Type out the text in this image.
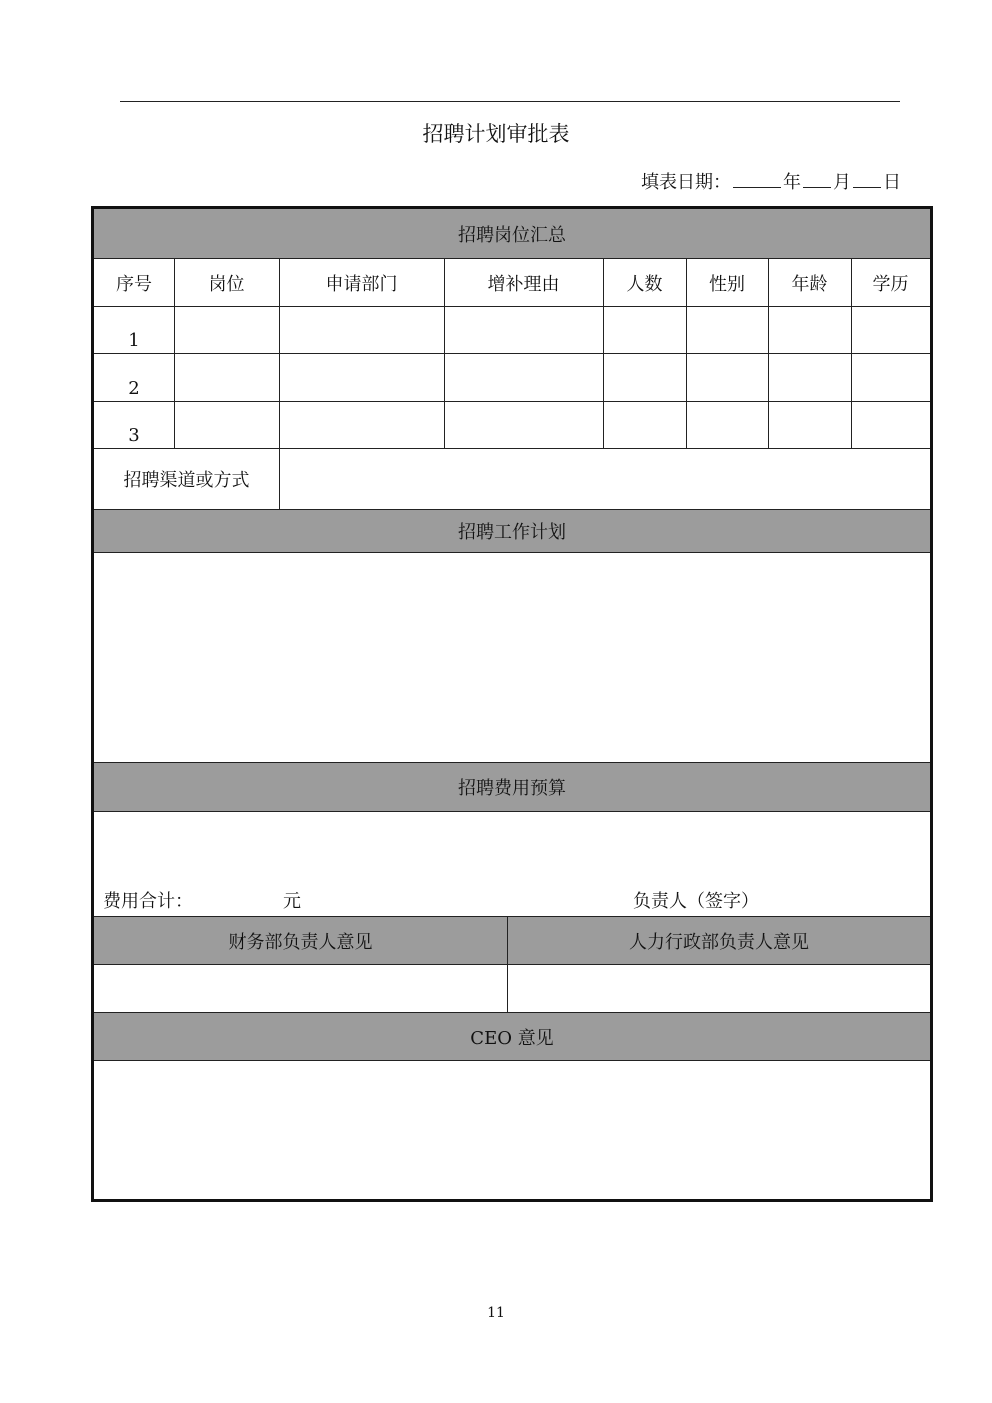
招聘计划审批表
填表日期：	年 月 日
招聘岗位汇总
序号	岗位	申请部门	增补理由	人数	性别	年龄	学历
1
2
3
招聘渠道或方式
招聘工作计划
招聘费用预算
费用合计：	元	负责人（签字）
财务部负责人意见	人力行政部负责人意见
CEO 意见
11
